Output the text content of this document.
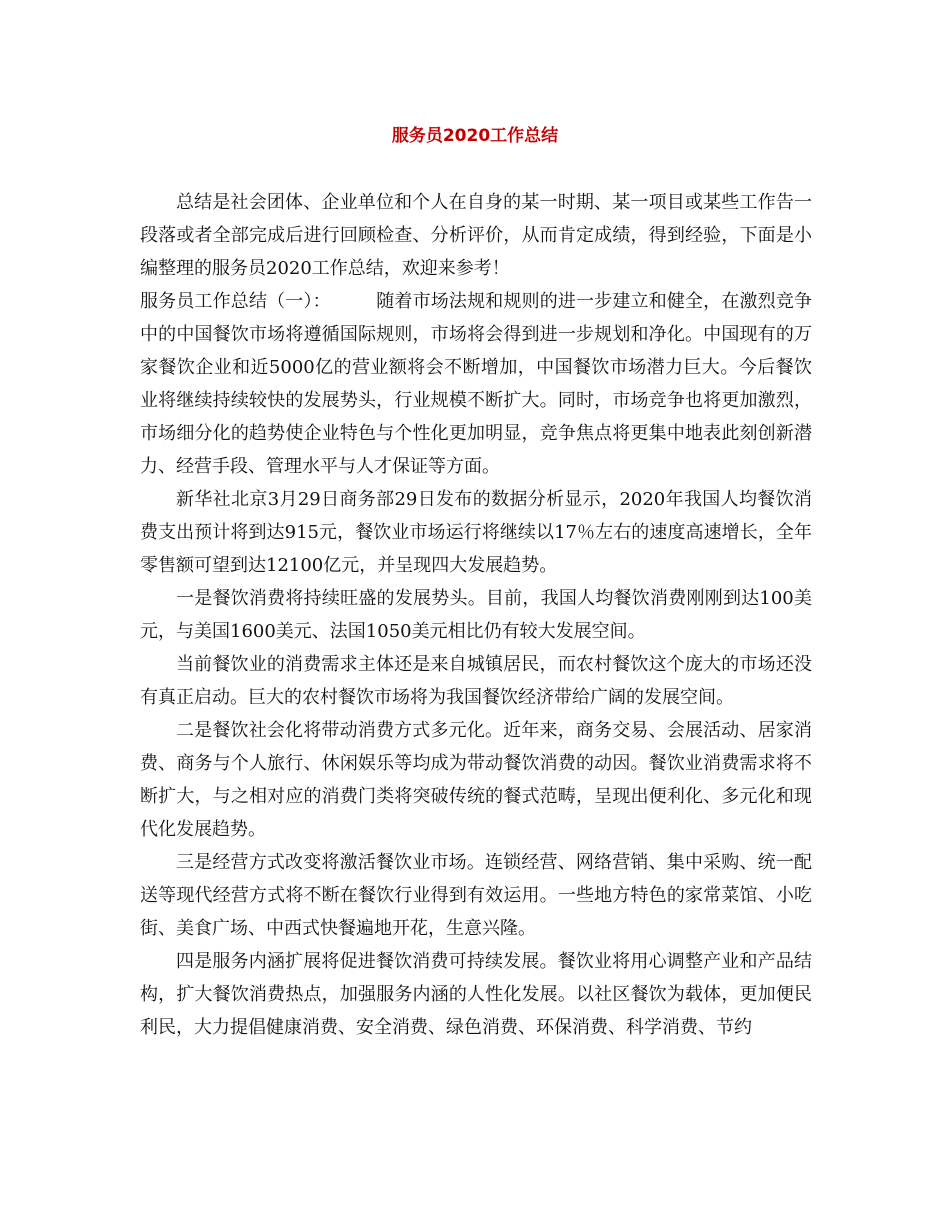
服务员2020工作总结

总结是社会团体、企业单位和个人在自身的某一时期、某一项目或某些工作告一段落或者全部完成后进行回顾检查、分析评价，从而肯定成绩，得到经验，下面是小编整理的服务员2020工作总结，欢迎来参考！

服务员工作总结（一）：　　　随着市场法规和规则的进一步建立和健全，在激烈竞争中的中国餐饮市场将遵循国际规则，市场将会得到进一步规划和净化。中国现有的万家餐饮企业和近5000亿的营业额将会不断增加，中国餐饮市场潜力巨大。今后餐饮业将继续持续较快的发展势头，行业规模不断扩大。同时，市场竞争也将更加激烈，市场细分化的趋势使企业特色与个性化更加明显，竞争焦点将更集中地表此刻创新潜力、经营手段、管理水平与人才保证等方面。

新华社北京3月29日商务部29日发布的数据分析显示，2020年我国人均餐饮消费支出预计将到达915元，餐饮业市场运行将继续以17％左右的速度高速增长，全年零售额可望到达12100亿元，并呈现四大发展趋势。

一是餐饮消费将持续旺盛的发展势头。目前，我国人均餐饮消费刚刚到达100美元，与美国1600美元、法国1050美元相比仍有较大发展空间。

当前餐饮业的消费需求主体还是来自城镇居民，而农村餐饮这个庞大的市场还没有真正启动。巨大的农村餐饮市场将为我国餐饮经济带给广阔的发展空间。

二是餐饮社会化将带动消费方式多元化。近年来，商务交易、会展活动、居家消费、商务与个人旅行、休闲娱乐等均成为带动餐饮消费的动因。餐饮业消费需求将不断扩大，与之相对应的消费门类将突破传统的餐式范畴，呈现出便利化、多元化和现代化发展趋势。

三是经营方式改变将激活餐饮业市场。连锁经营、网络营销、集中采购、统一配送等现代经营方式将不断在餐饮行业得到有效运用。一些地方特色的家常菜馆、小吃街、美食广场、中西式快餐遍地开花，生意兴隆。

四是服务内涵扩展将促进餐饮消费可持续发展。餐饮业将用心调整产业和产品结构，扩大餐饮消费热点，加强服务内涵的人性化发展。以社区餐饮为载体，更加便民利民，大力提倡健康消费、安全消费、绿色消费、环保消费、科学消费、节约
